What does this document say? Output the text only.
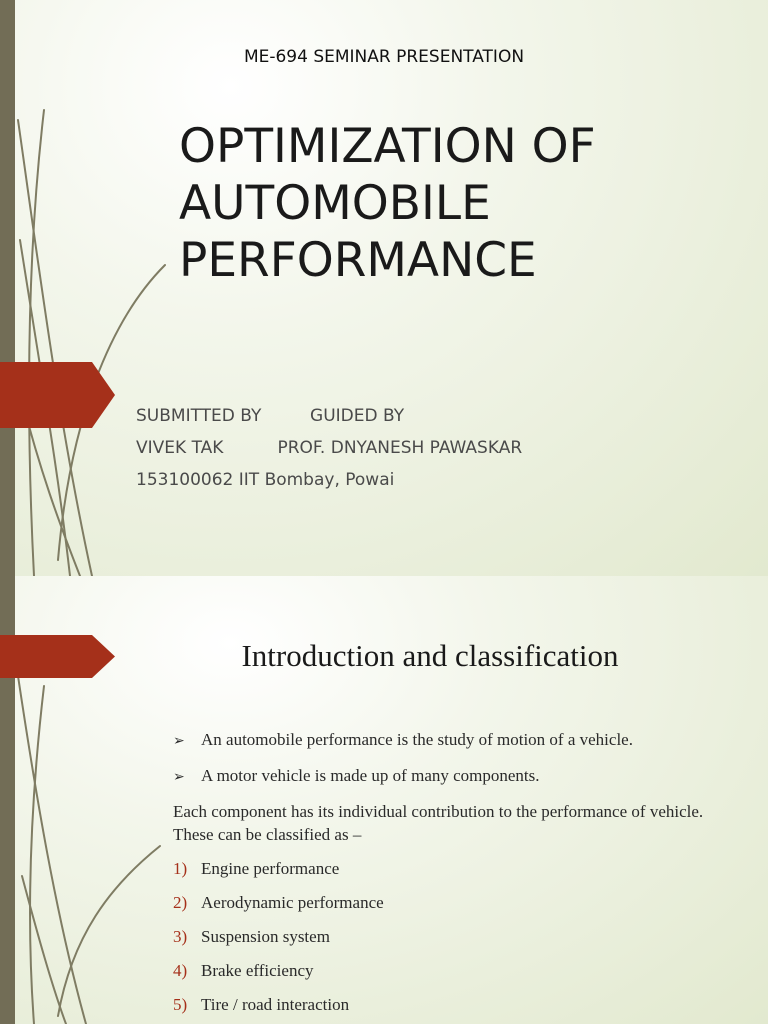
ME-694 SEMINAR PRESENTATION

OPTIMIZATION OF
AUTOMOBILE
PERFORMANCE

SUBMITTED BY         GUIDED BY

VIVEK TAK          PROF. DNYANESH PAWASKAR

153100062 IIT Bombay, Powai

Introduction and classification
➢ An automobile performance is the study of motion of a vehicle.
➢ A motor vehicle is made up of many components.

Each component has its individual contribution to the performance of vehicle. These can be classified as –

1) Engine performance
2) Aerodynamic performance
3) Suspension system
4) Brake efficiency
5) Tire / road interaction
